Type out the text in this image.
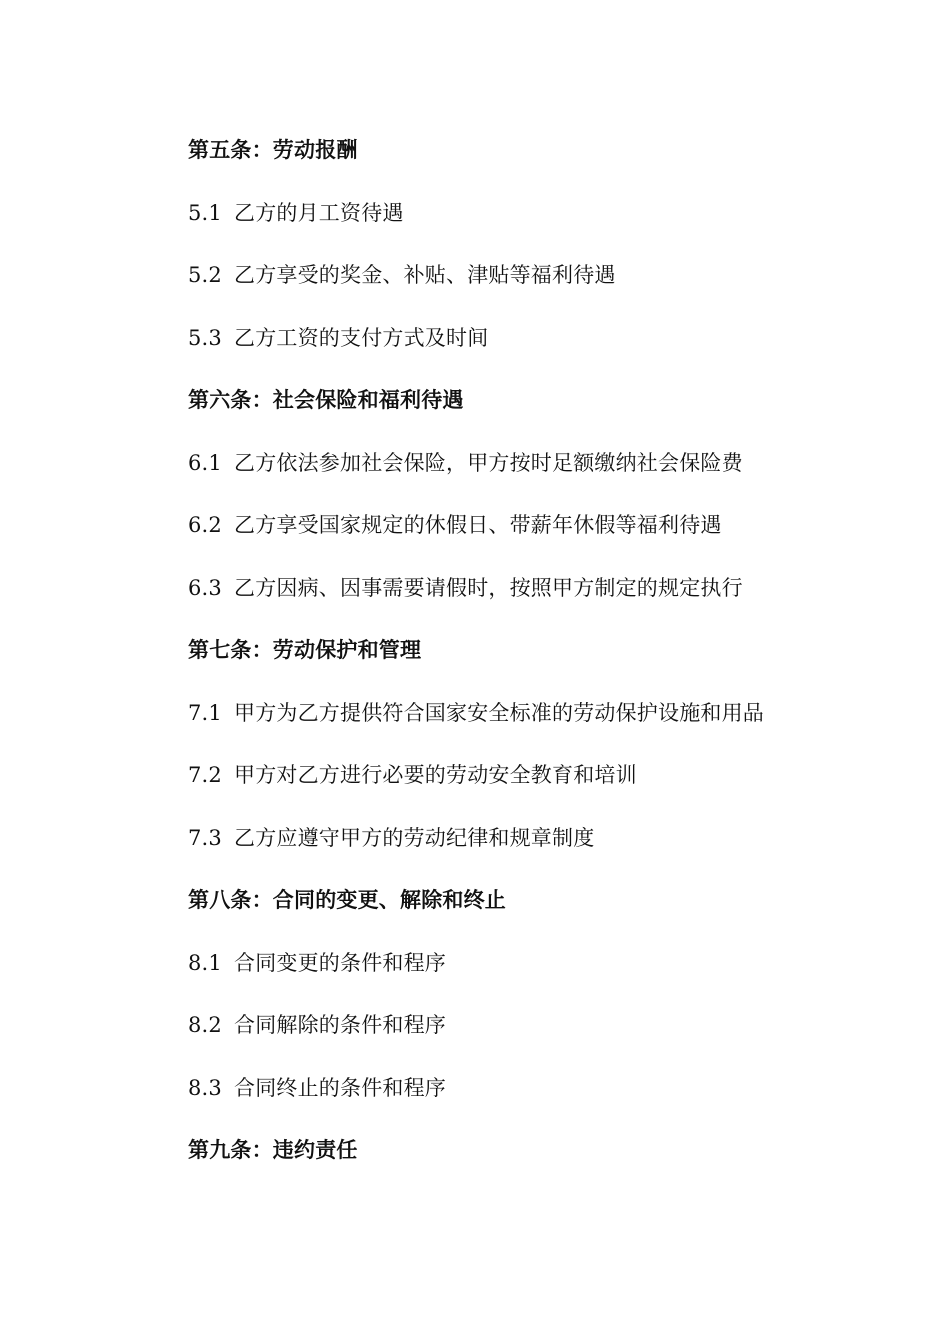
第五条：劳动报酬
5.1 乙方的月工资待遇
5.2 乙方享受的奖金、补贴、津贴等福利待遇
5.3 乙方工资的支付方式及时间
第六条：社会保险和福利待遇
6.1 乙方依法参加社会保险，甲方按时足额缴纳社会保险费
6.2 乙方享受国家规定的休假日、带薪年休假等福利待遇
6.3 乙方因病、因事需要请假时，按照甲方制定的规定执行
第七条：劳动保护和管理
7.1 甲方为乙方提供符合国家安全标准的劳动保护设施和用品
7.2 甲方对乙方进行必要的劳动安全教育和培训
7.3 乙方应遵守甲方的劳动纪律和规章制度
第八条：合同的变更、解除和终止
8.1 合同变更的条件和程序
8.2 合同解除的条件和程序
8.3 合同终止的条件和程序
第九条：违约责任
